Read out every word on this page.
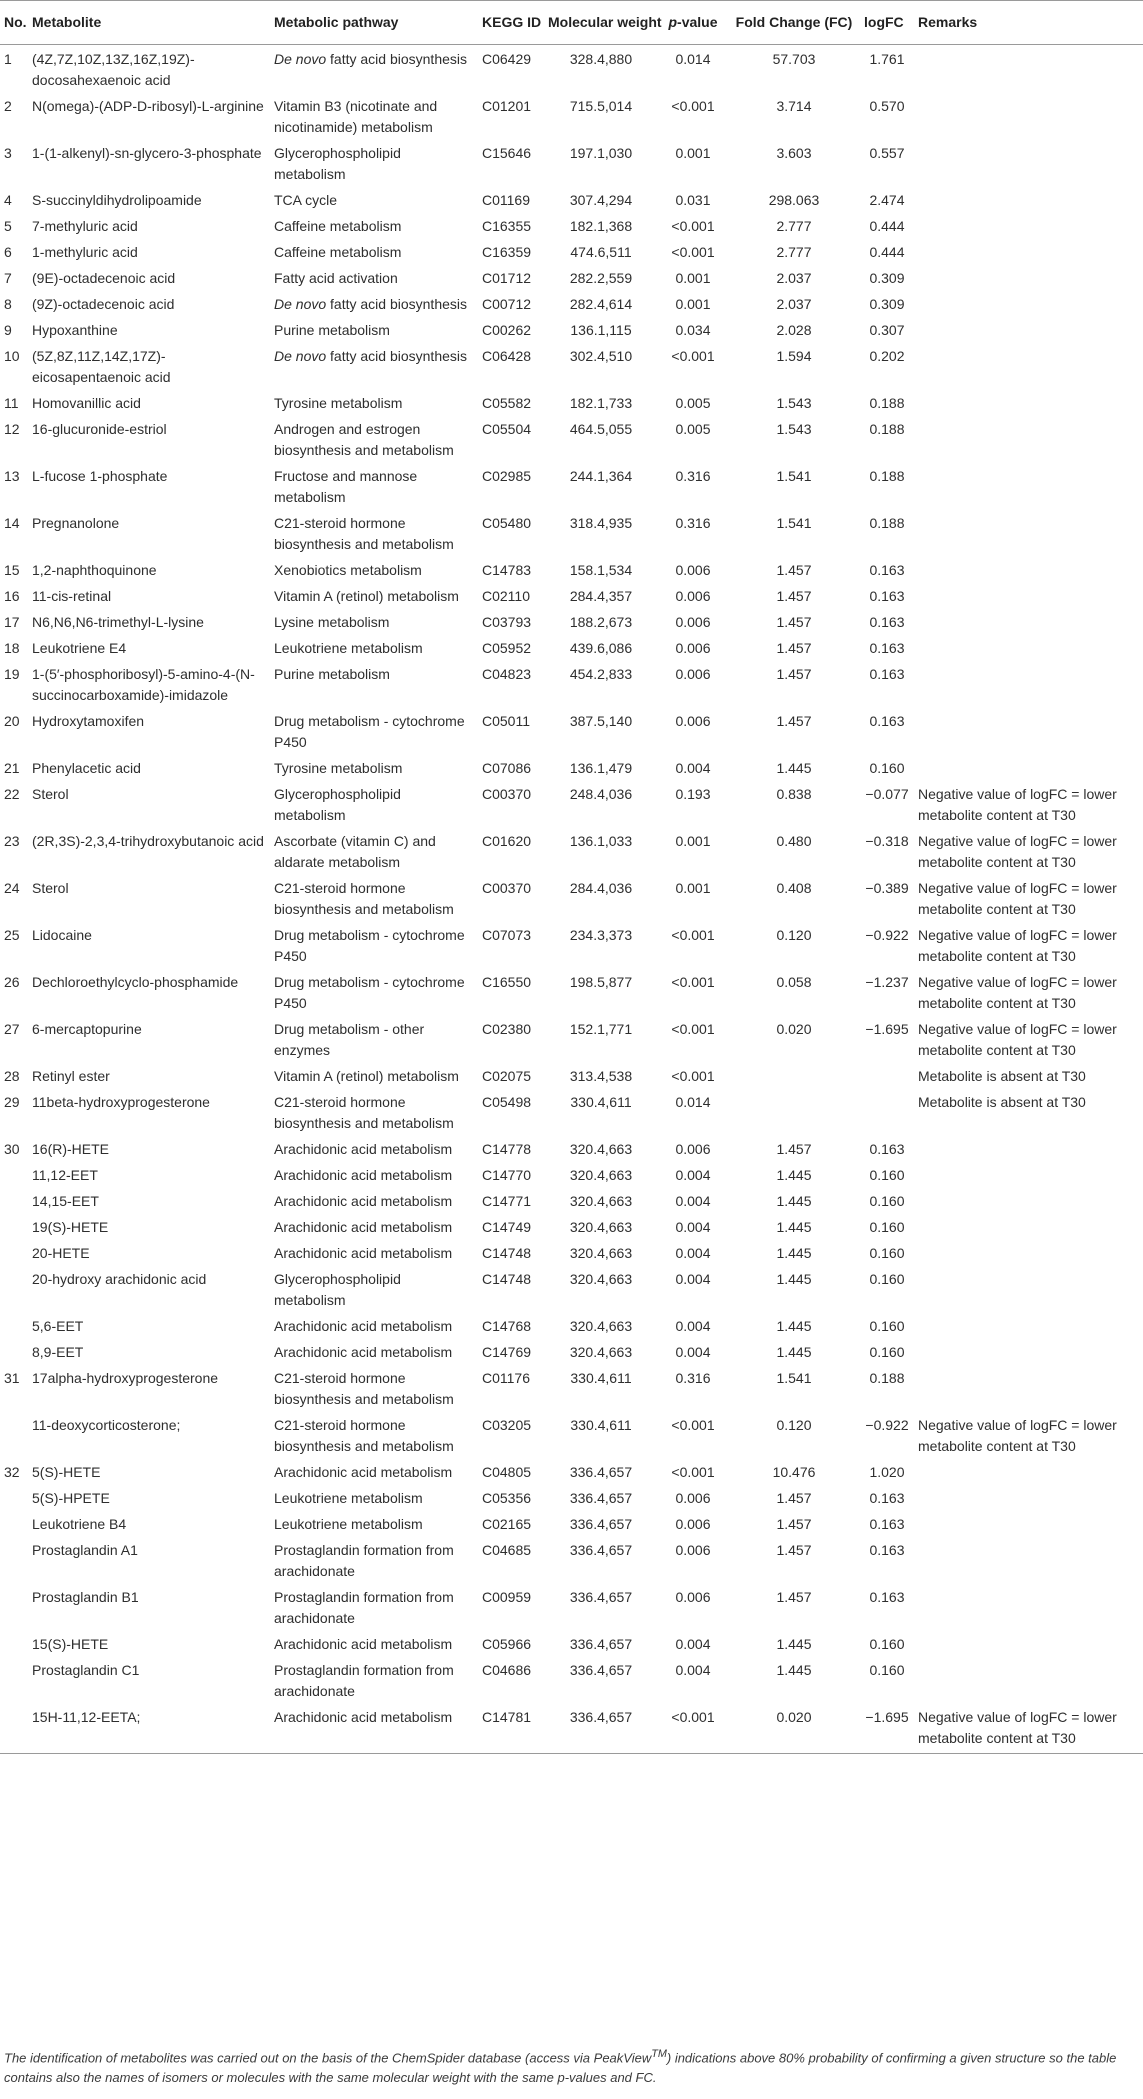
No.	Metabolite	Metabolic pathway	KEGG ID	Molecular weight	p-value	Fold Change (FC)	logFC	Remarks
1	(4Z,7Z,10Z,13Z,16Z,19Z)-docosahexaenoic acid	De novo fatty acid biosynthesis	C06429	328.4,880	0.014	57.703	1.761	
2	N(omega)-(ADP-D-ribosyl)-L-arginine	Vitamin B3 (nicotinate and nicotinamide) metabolism	C01201	715.5,014	<0.001	3.714	0.570	
3	1-(1-alkenyl)-sn-glycero-3-phosphate	Glycerophospholipid metabolism	C15646	197.1,030	0.001	3.603	0.557	
4	S-succinyldihydrolipoamide	TCA cycle	C01169	307.4,294	0.031	298.063	2.474	
5	7-methyluric acid	Caffeine metabolism	C16355	182.1,368	<0.001	2.777	0.444	
6	1-methyluric acid	Caffeine metabolism	C16359	474.6,511	<0.001	2.777	0.444	
7	(9E)-octadecenoic acid	Fatty acid activation	C01712	282.2,559	0.001	2.037	0.309	
8	(9Z)-octadecenoic acid	De novo fatty acid biosynthesis	C00712	282.4,614	0.001	2.037	0.309	
9	Hypoxanthine	Purine metabolism	C00262	136.1,115	0.034	2.028	0.307	
10	(5Z,8Z,11Z,14Z,17Z)-eicosapentaenoic acid	De novo fatty acid biosynthesis	C06428	302.4,510	<0.001	1.594	0.202	
11	Homovanillic acid	Tyrosine metabolism	C05582	182.1,733	0.005	1.543	0.188	
12	16-glucuronide-estriol	Androgen and estrogen biosynthesis and metabolism	C05504	464.5,055	0.005	1.543	0.188	
13	L-fucose 1-phosphate	Fructose and mannose metabolism	C02985	244.1,364	0.316	1.541	0.188	
14	Pregnanolone	C21-steroid hormone biosynthesis and metabolism	C05480	318.4,935	0.316	1.541	0.188	
15	1,2-naphthoquinone	Xenobiotics metabolism	C14783	158.1,534	0.006	1.457	0.163	
16	11-cis-retinal	Vitamin A (retinol) metabolism	C02110	284.4,357	0.006	1.457	0.163	
17	N6,N6,N6-trimethyl-L-lysine	Lysine metabolism	C03793	188.2,673	0.006	1.457	0.163	
18	Leukotriene E4	Leukotriene metabolism	C05952	439.6,086	0.006	1.457	0.163	
19	1-(5′-phosphoribosyl)-5-amino-4-(N-succinocarboxamide)-imidazole	Purine metabolism	C04823	454.2,833	0.006	1.457	0.163	
20	Hydroxytamoxifen	Drug metabolism - cytochrome P450	C05011	387.5,140	0.006	1.457	0.163	
21	Phenylacetic acid	Tyrosine metabolism	C07086	136.1,479	0.004	1.445	0.160	
22	Sterol	Glycerophospholipid metabolism	C00370	248.4,036	0.193	0.838	−0.077	Negative value of logFC = lower metabolite content at T30
23	(2R,3S)-2,3,4-trihydroxybutanoic acid	Ascorbate (vitamin C) and aldarate metabolism	C01620	136.1,033	0.001	0.480	−0.318	Negative value of logFC = lower metabolite content at T30
24	Sterol	C21-steroid hormone biosynthesis and metabolism	C00370	284.4,036	0.001	0.408	−0.389	Negative value of logFC = lower metabolite content at T30
25	Lidocaine	Drug metabolism - cytochrome P450	C07073	234.3,373	<0.001	0.120	−0.922	Negative value of logFC = lower metabolite content at T30
26	Dechloroethylcyclo-phosphamide	Drug metabolism - cytochrome P450	C16550	198.5,877	<0.001	0.058	−1.237	Negative value of logFC = lower metabolite content at T30
27	6-mercaptopurine	Drug metabolism - other enzymes	C02380	152.1,771	<0.001	0.020	−1.695	Negative value of logFC = lower metabolite content at T30
28	Retinyl ester	Vitamin A (retinol) metabolism	C02075	313.4,538	<0.001			Metabolite is absent at T30
29	11beta-hydroxyprogesterone	C21-steroid hormone biosynthesis and metabolism	C05498	330.4,611	0.014			Metabolite is absent at T30
30	16(R)-HETE	Arachidonic acid metabolism	C14778	320.4,663	0.006	1.457	0.163	
	11,12-EET	Arachidonic acid metabolism	C14770	320.4,663	0.004	1.445	0.160	
	14,15-EET	Arachidonic acid metabolism	C14771	320.4,663	0.004	1.445	0.160	
	19(S)-HETE	Arachidonic acid metabolism	C14749	320.4,663	0.004	1.445	0.160	
	20-HETE	Arachidonic acid metabolism	C14748	320.4,663	0.004	1.445	0.160	
	20-hydroxy arachidonic acid	Glycerophospholipid metabolism	C14748	320.4,663	0.004	1.445	0.160	
	5,6-EET	Arachidonic acid metabolism	C14768	320.4,663	0.004	1.445	0.160	
	8,9-EET	Arachidonic acid metabolism	C14769	320.4,663	0.004	1.445	0.160	
31	17alpha-hydroxyprogesterone	C21-steroid hormone biosynthesis and metabolism	C01176	330.4,611	0.316	1.541	0.188	
	11-deoxycorticosterone;	C21-steroid hormone biosynthesis and metabolism	C03205	330.4,611	<0.001	0.120	−0.922	Negative value of logFC = lower metabolite content at T30
32	5(S)-HETE	Arachidonic acid metabolism	C04805	336.4,657	<0.001	10.476	1.020	
	5(S)-HPETE	Leukotriene metabolism	C05356	336.4,657	0.006	1.457	0.163	
	Leukotriene B4	Leukotriene metabolism	C02165	336.4,657	0.006	1.457	0.163	
	Prostaglandin A1	Prostaglandin formation from arachidonate	C04685	336.4,657	0.006	1.457	0.163	
	Prostaglandin B1	Prostaglandin formation from arachidonate	C00959	336.4,657	0.006	1.457	0.163	
	15(S)-HETE	Arachidonic acid metabolism	C05966	336.4,657	0.004	1.445	0.160	
	Prostaglandin C1	Prostaglandin formation from arachidonate	C04686	336.4,657	0.004	1.445	0.160	
	15H-11,12-EETA;	Arachidonic acid metabolism	C14781	336.4,657	<0.001	0.020	−1.695	Negative value of logFC = lower metabolite content at T30
The identification of metabolites was carried out on the basis of the ChemSpider database (access via PeakView™) indications above 80% probability of confirming a given structure so the table contains also the names of isomers or molecules with the same molecular weight with the same p-values and FC.
